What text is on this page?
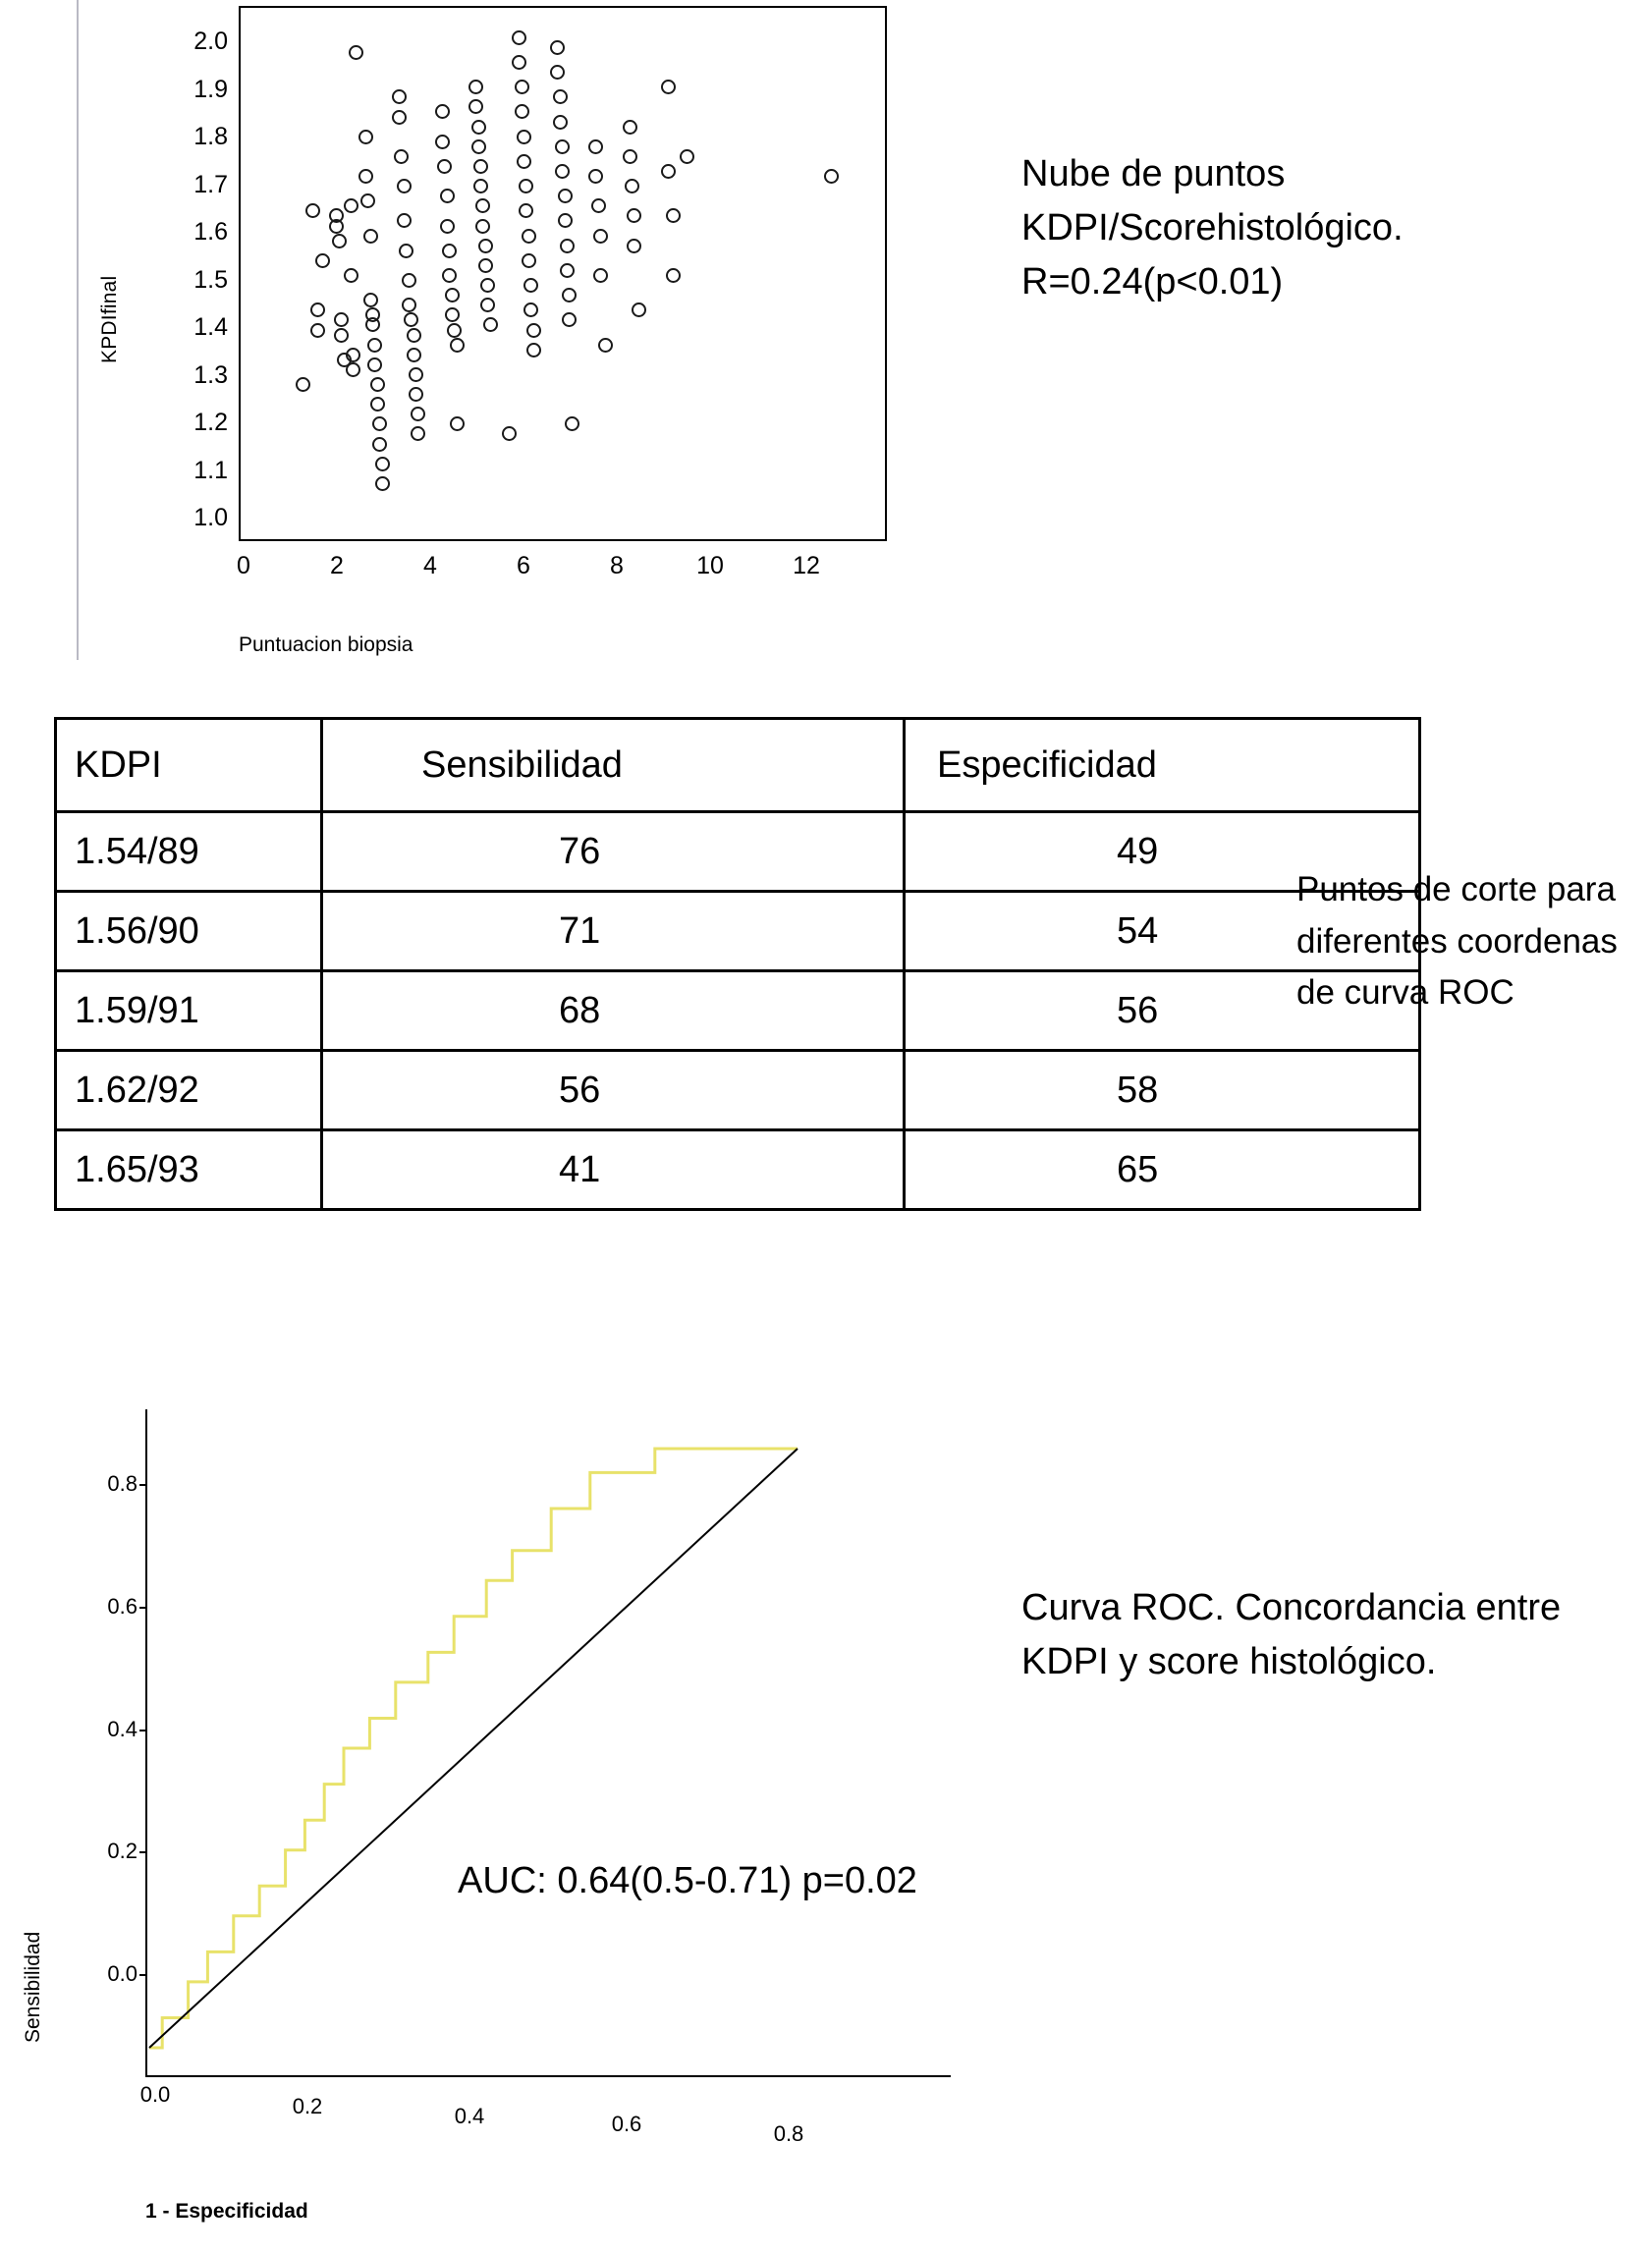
KPDIfinal
2.0
1.9
1.8
1.7
1.6
1.5
1.4
1.3
1.2
1.1
1.0
0	2	4	6	8	10	12
Puntuacion biopsia
Nube de puntos KDPI/Scorehistológico. R=0.24(p<0.01)
KDPI	Sensibilidad	Especificidad
1.54/89	76	49
1.56/90	71	54
1.59/91	68	56
1.62/92	56	58
1.65/93	41	65
Puntos de corte para diferentes coordenas de curva ROC
Sensibilidad
0.8
0.6
0.4
0.2
0.0
0.0	0.2	0.4	0.6	0.8
1 - Especificidad
AUC: 0.64(0.5-0.71) p=0.02
Curva ROC. Concordancia entre KDPI y score histológico.
